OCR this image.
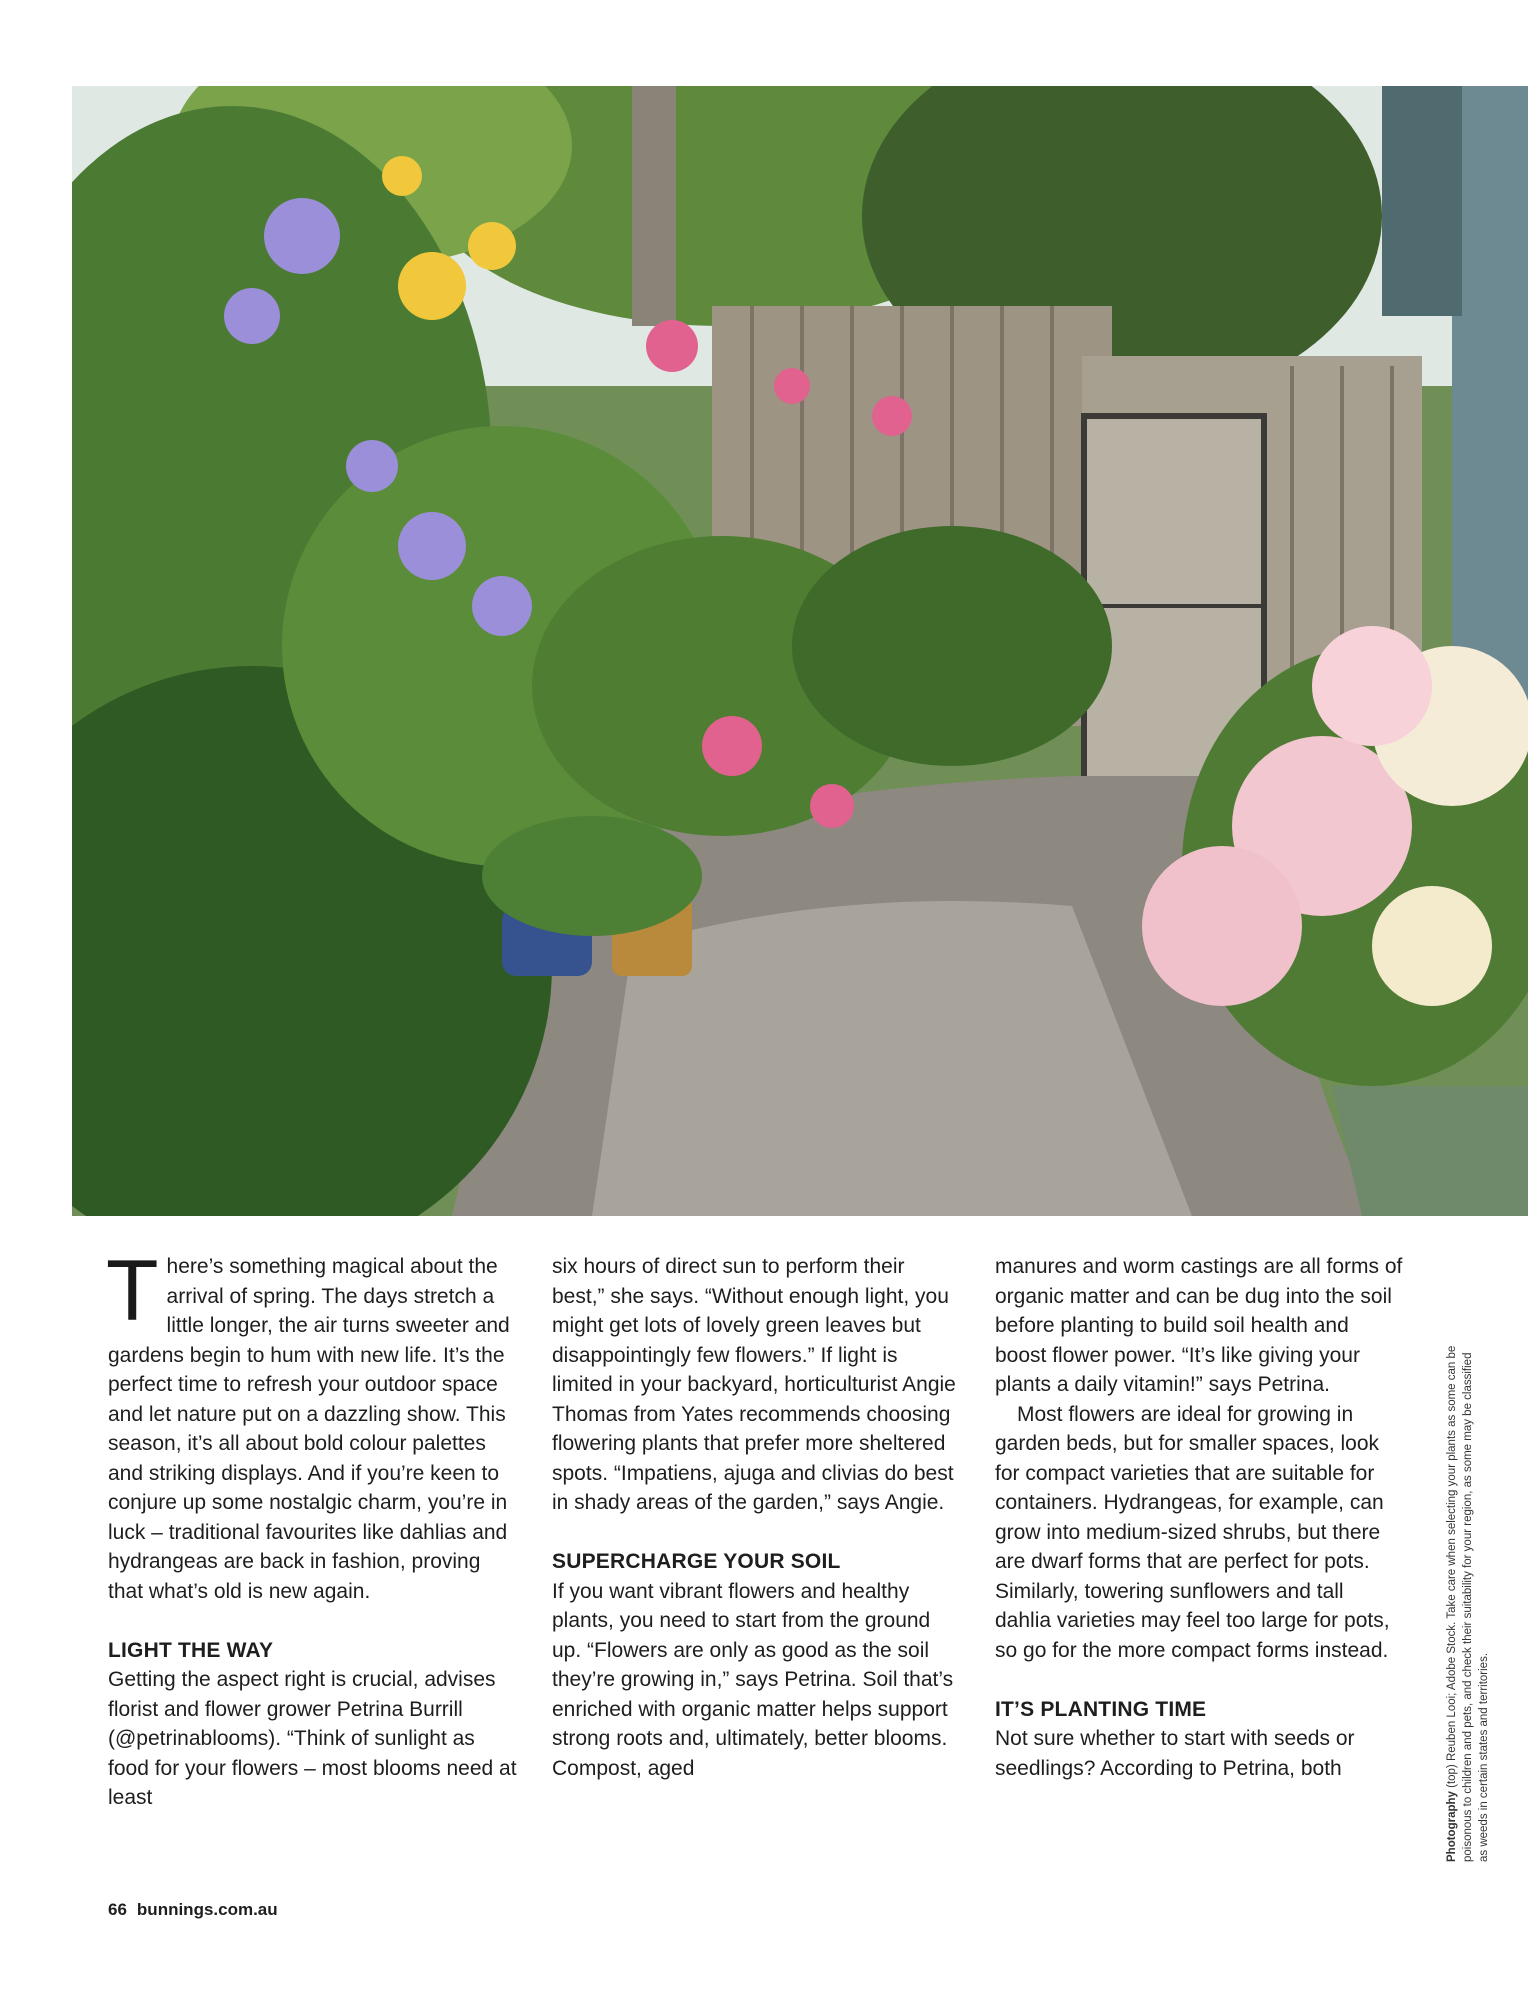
There’s something magical about the arrival of spring. The days stretch a little longer, the air turns sweeter and gardens begin to hum with new life. It’s the perfect time to refresh your outdoor space and let nature put on a dazzling show. This season, it’s all about bold colour palettes and striking displays. And if you’re keen to conjure up some nostalgic charm, you’re in luck – traditional favourites like dahlias and hydrangeas are back in fashion, proving that what’s old is new again.

LIGHT THE WAY

Getting the aspect right is crucial, advises florist and flower grower Petrina Burrill (@petrinablooms). “Think of sunlight as food for your flowers – most blooms need at least

six hours of direct sun to perform their best,” she says. “Without enough light, you might get lots of lovely green leaves but disappointingly few flowers.” If light is limited in your backyard, horticulturist Angie Thomas from Yates recommends choosing flowering plants that prefer more sheltered spots. “Impatiens, ajuga and clivias do best in shady areas of the garden,” says Angie.

SUPERCHARGE YOUR SOIL

If you want vibrant flowers and healthy plants, you need to start from the ground up. “Flowers are only as good as the soil they’re growing in,” says Petrina. Soil that’s enriched with organic matter helps support strong roots and, ultimately, better blooms. Compost, aged

manures and worm castings are all forms of organic matter and can be dug into the soil before planting to build soil health and boost flower power. “It’s like giving your plants a daily vitamin!” says Petrina.

Most flowers are ideal for growing in garden beds, but for smaller spaces, look for compact varieties that are suitable for containers. Hydrangeas, for example, can grow into medium-sized shrubs, but there are dwarf forms that are perfect for pots. Similarly, towering sunflowers and tall dahlia varieties may feel too large for pots, so go for the more compact forms instead.

IT’S PLANTING TIME

Not sure whether to start with seeds or seedlings? According to Petrina, both

Photography (top) Reuben Looi; Adobe Stock. Take care when selecting your plants as some can be poisonous to children and pets, and check their suitability for your region, as some may be classified as weeds in certain states and territories.
66 bunnings.com.au
